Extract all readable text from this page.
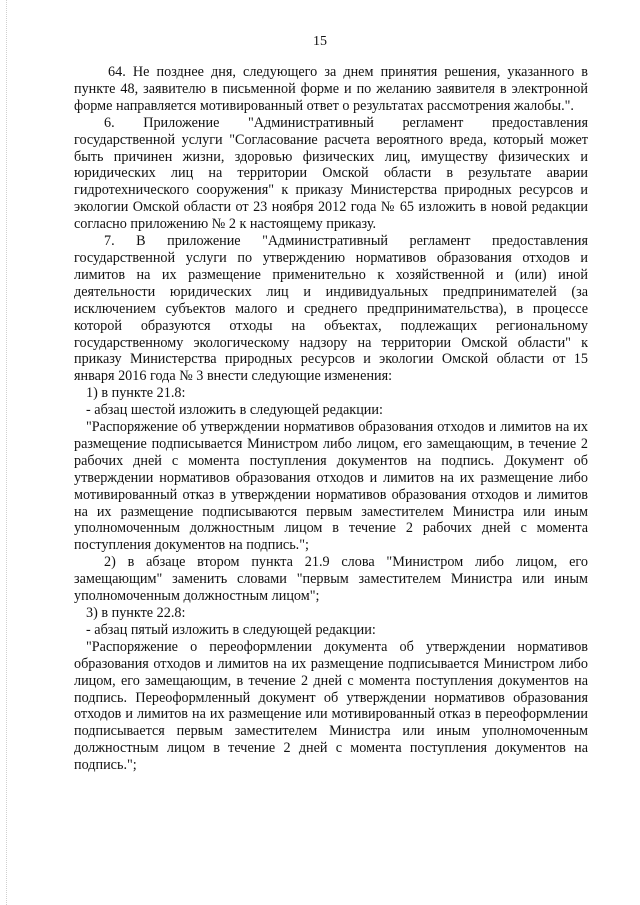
15

64. Не позднее дня, следующего за днем принятия решения, указанного в пункте 48, заявителю в письменной форме и по желанию заявителя в электронной форме направляется мотивированный ответ о результатах рассмотрения жалобы.".

6. Приложение "Административный регламент предоставления государственной услуги "Согласование расчета вероятного вреда, который может быть причинен жизни, здоровью физических лиц, имуществу физических и юридических лиц на территории Омской области в результате аварии гидротехнического сооружения" к приказу Министерства природных ресурсов и экологии Омской области от 23 ноября 2012 года № 65 изложить в новой редакции согласно приложению № 2 к настоящему приказу.

7. В приложение "Административный регламент предоставления государственной услуги по утверждению нормативов образования отходов и лимитов на их размещение применительно к хозяйственной и (или) иной деятельности юридических лиц и индивидуальных предпринимателей (за исключением субъектов малого и среднего предпринимательства), в процессе которой образуются отходы на объектах, подлежащих региональному государственному экологическому надзору на территории Омской области" к приказу Министерства природных ресурсов и экологии Омской области от 15 января 2016 года № 3 внести следующие изменения:

1) в пункте 21.8:

- абзац шестой изложить в следующей редакции:

"Распоряжение об утверждении нормативов образования отходов и лимитов на их размещение подписывается Министром либо лицом, его замещающим, в течение 2 рабочих дней с момента поступления документов на подпись. Документ об утверждении нормативов образования отходов и лимитов на их размещение либо мотивированный отказ в утверждении нормативов образования отходов и лимитов на их размещение подписываются первым заместителем Министра или иным уполномоченным должностным лицом в течение 2 рабочих дней с момента поступления документов на подпись.";

2) в абзаце втором пункта 21.9 слова "Министром либо лицом, его замещающим" заменить словами "первым заместителем Министра или иным уполномоченным должностным лицом";

3) в пункте 22.8:

- абзац пятый изложить в следующей редакции:

"Распоряжение о переоформлении документа об утверждении нормативов образования отходов и лимитов на их размещение подписывается Министром либо лицом, его замещающим, в течение 2 дней с момента поступления документов на подпись. Переоформленный документ об утверждении нормативов образования отходов и лимитов на их размещение или мотивированный отказ в переоформлении подписывается первым заместителем Министра или иным уполномоченным должностным лицом в течение 2 дней с момента поступления документов на подпись.";
